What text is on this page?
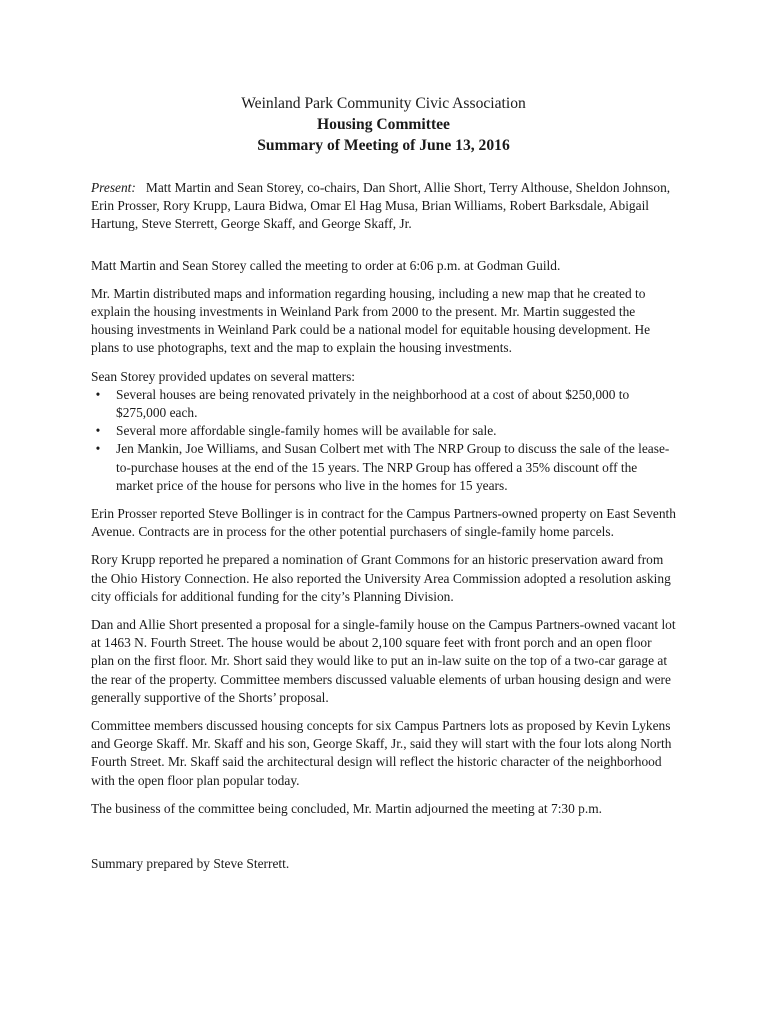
Weinland Park Community Civic Association
Housing Committee
Summary of Meeting of June 13, 2016

Present: Matt Martin and Sean Storey, co-chairs, Dan Short, Allie Short, Terry Althouse, Sheldon Johnson, Erin Prosser, Rory Krupp, Laura Bidwa, Omar El Hag Musa, Brian Williams, Robert Barksdale, Abigail Hartung, Steve Sterrett, George Skaff, and George Skaff, Jr.

Matt Martin and Sean Storey called the meeting to order at 6:06 p.m. at Godman Guild.

Mr. Martin distributed maps and information regarding housing, including a new map that he created to explain the housing investments in Weinland Park from 2000 to the present. Mr. Martin suggested the housing investments in Weinland Park could be a national model for equitable housing development. He plans to use photographs, text and the map to explain the housing investments.

Sean Storey provided updates on several matters:

• Several houses are being renovated privately in the neighborhood at a cost of about $250,000 to $275,000 each.
• Several more affordable single-family homes will be available for sale.
• Jen Mankin, Joe Williams, and Susan Colbert met with The NRP Group to discuss the sale of the lease-to-purchase houses at the end of the 15 years. The NRP Group has offered a 35% discount off the market price of the house for persons who live in the homes for 15 years.

Erin Prosser reported Steve Bollinger is in contract for the Campus Partners-owned property on East Seventh Avenue. Contracts are in process for the other potential purchasers of single-family home parcels.

Rory Krupp reported he prepared a nomination of Grant Commons for an historic preservation award from the Ohio History Connection. He also reported the University Area Commission adopted a resolution asking city officials for additional funding for the city’s Planning Division.

Dan and Allie Short presented a proposal for a single-family house on the Campus Partners-owned vacant lot at 1463 N. Fourth Street. The house would be about 2,100 square feet with front porch and an open floor plan on the first floor. Mr. Short said they would like to put an in-law suite on the top of a two-car garage at the rear of the property. Committee members discussed valuable elements of urban housing design and were generally supportive of the Shorts’ proposal.

Committee members discussed housing concepts for six Campus Partners lots as proposed by Kevin Lykens and George Skaff. Mr. Skaff and his son, George Skaff, Jr., said they will start with the four lots along North Fourth Street. Mr. Skaff said the architectural design will reflect the historic character of the neighborhood with the open floor plan popular today.

The business of the committee being concluded, Mr. Martin adjourned the meeting at 7:30 p.m.

Summary prepared by Steve Sterrett.
